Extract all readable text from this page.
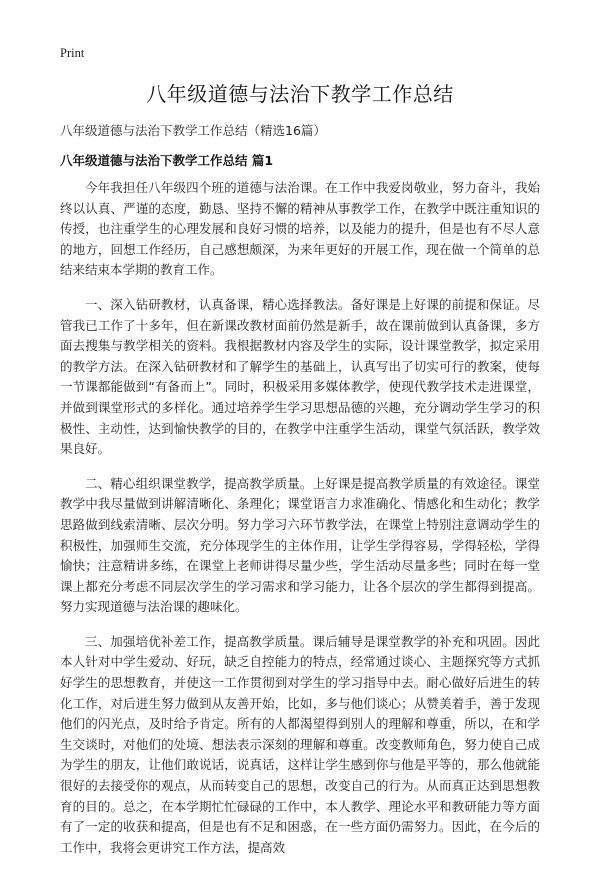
Print
八年级道德与法治下教学工作总结
八年级道德与法治下教学工作总结（精选16篇）
八年级道德与法治下教学工作总结 篇1

今年我担任八年级四个班的道德与法治课。在工作中我爱岗敬业，努力奋斗，我始终以认真、严谨的态度，勤恳、坚持不懈的精神从事教学工作，在教学中既注重知识的传授，也注重学生的心理发展和良好习惯的培养，以及能力的提升，但是也有不尽人意的地方，回想工作经历，自己感想颇深，为来年更好的开展工作，现在做一个简单的总结来结束本学期的教育工作。

一、深入钻研教材，认真备课，精心选择教法。备好课是上好课的前提和保证。尽管我已工作了十多年，但在新课改教材面前仍然是新手，故在课前做到认真备课，多方面去搜集与教学相关的资料。我根据教材内容及学生的实际，设计课堂教学，拟定采用的教学方法。在深入钻研教材和了解学生的基础上，认真写出了切实可行的教案，使每一节课都能做到“有备而上”。同时，积极采用多媒体教学，使现代教学技术走进课堂，并做到课堂形式的多样化。通过培养学生学习思想品德的兴趣，充分调动学生学习的积极性、主动性，达到愉快教学的目的，在教学中注重学生活动，课堂气氛活跃，教学效果良好。

二、精心组织课堂教学，提高教学质量。上好课是提高教学质量的有效途径。课堂教学中我尽量做到讲解清晰化、条理化；课堂语言力求准确化、情感化和生动化；教学思路做到线索清晰、层次分明。努力学习六环节教学法，在课堂上特别注意调动学生的积极性，加强师生交流，充分体现学生的主体作用，让学生学得容易，学得轻松，学得愉快；注意精讲多练，在课堂上老师讲得尽量少些，学生活动尽量多些；同时在每一堂课上都充分考虑不同层次学生的学习需求和学习能力，让各个层次的学生都得到提高。努力实现道德与法治课的趣味化。

三、加强培优补差工作，提高教学质量。课后辅导是课堂教学的补充和巩固。因此本人针对中学生爱动、好玩，缺乏自控能力的特点，经常通过谈心、主题探究等方式抓好学生的思想教育，并使这一工作贯彻到对学生的学习指导中去。耐心做好后进生的转化工作，对后进生努力做到从友善开始，比如，多与他们谈心；从赞美着手，善于发现他们的闪光点，及时给予肯定。所有的人都渴望得到别人的理解和尊重，所以，在和学生交谈时，对他们的处境、想法表示深刻的理解和尊重。改变教师角色，努力使自己成为学生的朋友，让他们敢说话，说真话，这样让学生感到你与他是平等的，那么他就能很好的去接受你的观点，从而转变自己的思想，改变自己的行为。从而真正达到思想教育的目的。总之，在本学期忙忙碌碌的工作中，本人教学、理论水平和教研能力等方面有了一定的收获和提高，但是也有不足和困惑，在一些方面仍需努力。因此，在今后的工作中，我将会更讲究工作方法，提高效
